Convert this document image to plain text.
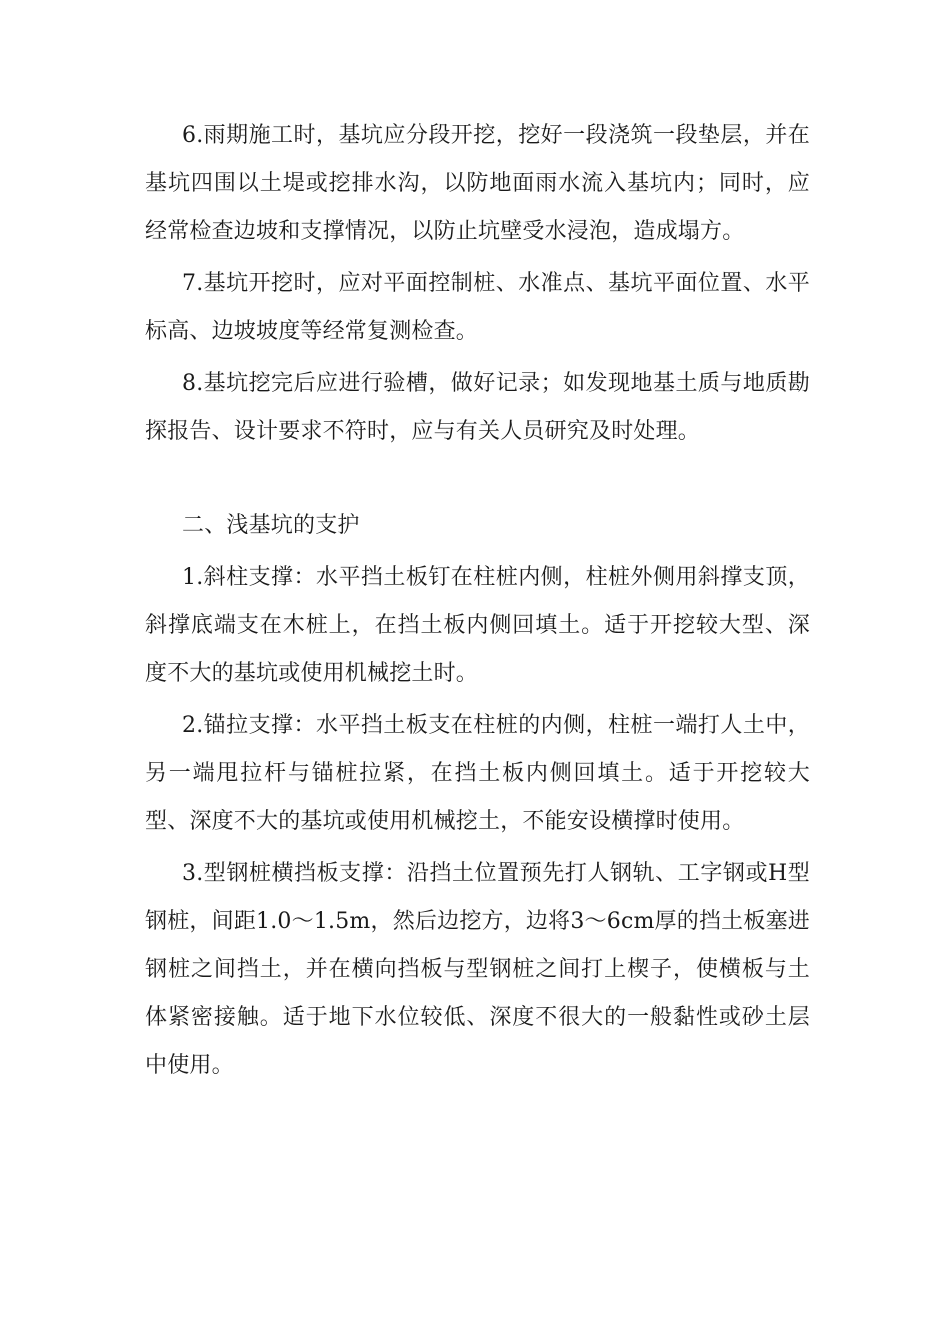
6.雨期施工时，基坑应分段开挖，挖好一段浇筑一段垫层，并在基坑四围以土堤或挖排水沟，以防地面雨水流入基坑内；同时，应经常检查边坡和支撑情况，以防止坑壁受水浸泡，造成塌方。

7.基坑开挖时，应对平面控制桩、水准点、基坑平面位置、水平标高、边坡坡度等经常复测检查。

8.基坑挖完后应进行验槽，做好记录；如发现地基土质与地质勘探报告、设计要求不符时，应与有关人员研究及时处理。

二、浅基坑的支护

1.斜柱支撑：水平挡土板钉在柱桩内侧，柱桩外侧用斜撑支顶，斜撑底端支在木桩上，在挡土板内侧回填土。适于开挖较大型、深度不大的基坑或使用机械挖土时。

2.锚拉支撑：水平挡土板支在柱桩的内侧，柱桩一端打人土中，另一端甩拉杆与锚桩拉紧，在挡土板内侧回填土。适于开挖较大型、深度不大的基坑或使用机械挖土，不能安设横撑时使用。

3.型钢桩横挡板支撑：沿挡土位置预先打人钢轨、工字钢或H型钢桩，间距1.0～1.5m，然后边挖方，边将3～6cm厚的挡土板塞进钢桩之间挡土，并在横向挡板与型钢桩之间打上楔子，使横板与土体紧密接触。适于地下水位较低、深度不很大的一般黏性或砂土层中使用。
